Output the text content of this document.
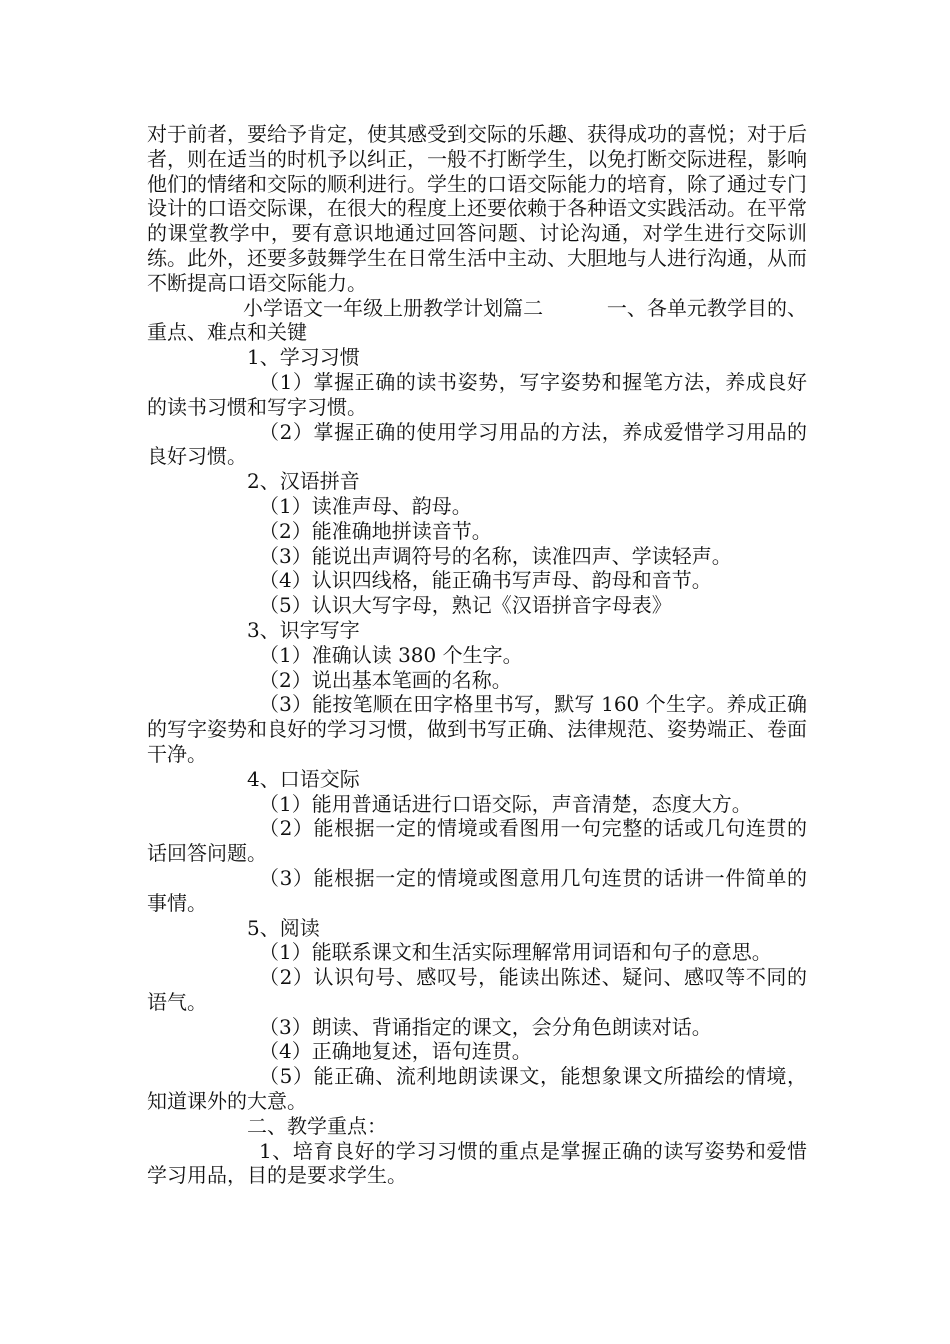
对于前者，要给予肯定，使其感受到交际的乐趣、获得成功的喜悦；对于后者，则在适当的时机予以纠正，一般不打断学生，以免打断交际进程，影响他们的情绪和交际的顺利进行。学生的口语交际能力的培育，除了通过专门设计的口语交际课，在很大的程度上还要依赖于各种语文实践活动。在平常的课堂教学中，要有意识地通过回答问题、讨论沟通，对学生进行交际训练。此外，还要多鼓舞学生在日常生活中主动、大胆地与人进行沟通，从而不断提高口语交际能力。

小学语文一年级上册教学计划篇二          一、各单元教学目的、重点、难点和关键

1、学习习惯

（1）掌握正确的读书姿势，写字姿势和握笔方法，养成良好的读书习惯和写字习惯。

（2）掌握正确的使用学习用品的方法，养成爱惜学习用品的良好习惯。

2、汉语拼音

（1）读准声母、韵母。

（2）能准确地拼读音节。

（3）能说出声调符号的名称，读准四声、学读轻声。

（4）认识四线格，能正确书写声母、韵母和音节。

（5）认识大写字母，熟记《汉语拼音字母表》

3、识字写字

（1）准确认读 380 个生字。

（2）说出基本笔画的名称。

（3）能按笔顺在田字格里书写，默写 160 个生字。养成正确的写字姿势和良好的学习习惯，做到书写正确、法律规范、姿势端正、卷面干净。

4、口语交际

（1）能用普通话进行口语交际，声音清楚，态度大方。

（2）能根据一定的情境或看图用一句完整的话或几句连贯的话回答问题。

（3）能根据一定的情境或图意用几句连贯的话讲一件简单的事情。

5、阅读

（1）能联系课文和生活实际理解常用词语和句子的意思。

（2）认识句号、感叹号，能读出陈述、疑问、感叹等不同的语气。

（3）朗读、背诵指定的课文，会分角色朗读对话。

（4）正确地复述，语句连贯。

（5）能正确、流利地朗读课文，能想象课文所描绘的情境，知道课外的大意。

二、教学重点：

1、培育良好的学习习惯的重点是掌握正确的读写姿势和爱惜学习用品，目的是要求学生。
